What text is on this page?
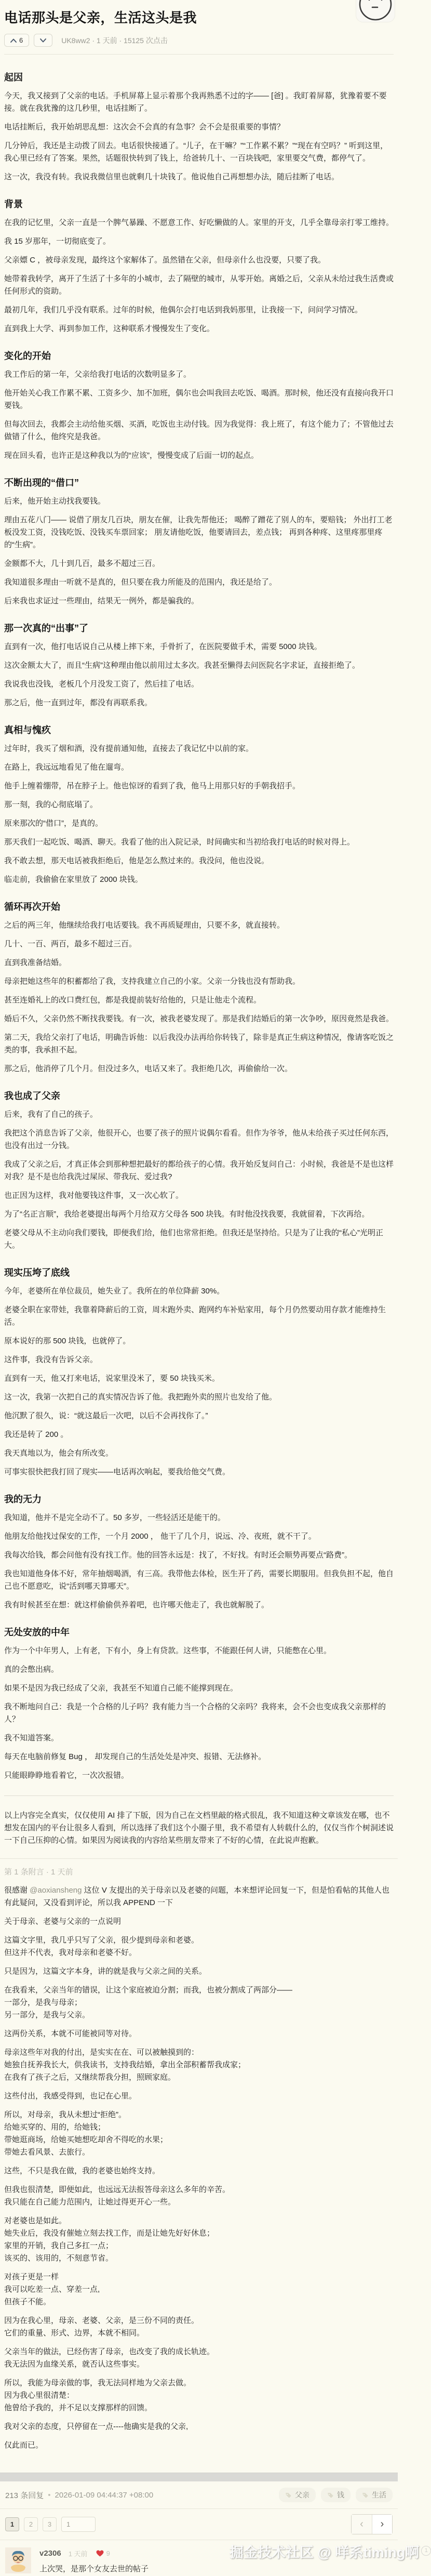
电话那头是父亲，生活这头是我
6	UK8ww2 · 1 天前 · 15125 次点击
起因

今天，我又接到了父亲的电话。手机屏幕上显示着那个我再熟悉不过的字—— [爸] 。我盯着屏幕，犹豫着要不要接。就在我犹豫的这几秒里，电话挂断了。

电话挂断后，我开始胡思乱想：这次会不会真的有急事？会不会是很重要的事情？

几分钟后，我还是主动拨了回去。电话很快接通了。“儿子，在干嘛？”“工作累不累？”“现在有空吗？” 听到这里，我心里已经有了答案。果然，话题很快转到了钱上，给爸转几十、一百块钱吧，家里要交气费，都停气了。

这一次，我没有转。我说我微信里也就剩几十块钱了。他说他自己再想想办法，随后挂断了电话。

背景

在我的记忆里，父亲一直是一个脾气暴躁、不愿意工作、好吃懒做的人。家里的开支，几乎全靠母亲打零工维持。

我 15 岁那年，一切彻底变了。

父亲嫖 C ，被母亲发现，最终这个家解体了。虽然错在父亲，但母亲什么也没要，只要了我。

她带着我转学，离开了生活了十多年的小城市，去了隔壁的城市，从零开始。离婚之后，父亲从未给过我生活费或任何形式的资助。

最初几年，我们几乎没有联系。过年的时候，他偶尔会打电话到我妈那里，让我接一下，问问学习情况。

直到我上大学、再到参加工作，这种联系才慢慢发生了变化。

变化的开始

我工作后的第一年，父亲给我打电话的次数明显多了。

他开始关心我工作累不累、工资多少、加不加班，偶尔也会叫我回去吃饭、喝酒。那时候，他还没有直接向我开口要钱。

但每次回去，我都会主动给他买烟、买酒，吃饭也主动付钱。因为我觉得：我上班了，有这个能力了；不管他过去做错了什么，他终究是我爸。

现在回头看，也许正是这种我以为的“应该”，慢慢变成了后面一切的起点。

不断出现的“借口”

后来，他开始主动找我要钱。

理由五花八门—— 说借了朋友几百块，朋友在催，让我先帮他还； 喝醉了蹭花了别人的车，要赔钱； 外出打工老板没发工资，没钱吃饭、没钱买车票回家； 朋友请他吃饭，他要请回去，差点钱； 再到各种疼、这里疼那里疼的“生病”。

金额都不大，几十到几百，最多不超过三百。

我知道很多理由一听就不是真的，但只要在我力所能及的范围内，我还是给了。

后来我也求证过一些理由，结果无一例外，都是骗我的。

那一次真的“出事”了

直到有一次，他打电话说自己从楼上摔下来，手骨折了，在医院要做手术，需要 5000 块钱。

这次金额太大了，而且“生病”这种理由他以前用过太多次。我甚至懒得去问医院名字求证，直接拒绝了。

我说我也没钱，老板几个月没发工资了，然后挂了电话。

那之后，他一直到过年，都没有再联系我。

真相与愧疚

过年时，我买了烟和酒，没有提前通知他，直接去了我记忆中以前的家。

在路上，我远远地看见了他在遛弯。

他手上缠着绷带，吊在脖子上。他也惊讶的看到了我，他马上用那只好的手朝我招手。

那一刻，我的心彻底塌了。

原来那次的“借口”，是真的。

那天我们一起吃饭、喝酒、聊天。我看了他的出入院记录，时间确实和当初给我打电话的时候对得上。

我不敢去想，那天电话被我拒绝后，他是怎么熬过来的。我没问，他也没说。

临走前，我偷偷在家里放了 2000 块钱。

循环再次开始

之后的两三年，他继续给我打电话要钱。我不再质疑理由，只要不多，就直接转。

几十、一百、两百，最多不超过三百。

直到我准备结婚。

母亲把她这些年的积蓄都给了我，支持我建立自己的小家。父亲一分钱也没有帮助我。

甚至连婚礼上的改口费红包，都是我提前装好给他的，只是让他走个流程。

婚后不久，父亲仍然不断找我要钱。有一次，被我老婆发现了。那是我们结婚后的第一次争吵，原因竟然是我爸。

第二天，我给父亲打了电话，明确告诉他：以后我没办法再给你转钱了，除非是真正生病这种情况，像请客吃饭之类的事，我承担不起。

那之后，他消停了几个月。但没过多久，电话又来了。我拒绝几次，再偷偷给一次。

我也成了父亲

后来，我有了自己的孩子。

我把这个消息告诉了父亲，他很开心，也要了孩子的照片说偶尔看看。但作为爷爷，他从未给孩子买过任何东西，也没有出过一分钱。

我成了父亲之后，才真正体会到那种想把最好的都给孩子的心情。我开始反复问自己：小时候，我爸是不是也这样对我？是不是也给我洗过屎尿、带我玩、爱过我?

也正因为这样，我对他要钱这件事，又一次心软了。

为了“名正言顺”，我给老婆提出每两个月给双方父母各 500 块钱。有时他没找我要，我就留着，下次再给。

老婆父母从不主动向我们要钱，即便我们给，他们也常常拒绝。但我还是坚持给。只是为了让我的“私心”光明正大。

现实压垮了底线

今年，老婆所在单位裁员，她失业了。我所在的单位降薪 30%。

老婆全职在家带娃，我靠着降薪后的工资，周末跑外卖、跑网约车补贴家用，每个月仍然要动用存款才能维持生活。

原本说好的那 500 块钱，也就停了。

这件事，我没有告诉父亲。

直到有一天，他又打来电话，说家里没米了，要 50 块钱买米。

这一次，我第一次把自己的真实情况告诉了他。我把跑外卖的照片也发给了他。

他沉默了很久，说：“就这最后一次吧，以后不会再找你了。”

我还是转了 200 。

我天真地以为，他会有所改变。

可事实很快把我打回了现实——电话再次响起，要我给他交气费。

我的无力

我知道，他并不是完全动不了。50 多岁，一些轻活还是能干的。

他朋友给他找过保安的工作，一个月 2000 ， 他干了几个月，说远、冷、夜班，就不干了。

我每次给钱，都会问他有没有找工作。他的回答永远是：找了，不好找。有时还会顺势再要点“路费”。

我也知道他身体不好，常年抽烟喝酒，有三高。我带他去体检，医生开了药，需要长期服用。但我负担不起，他自己也不愿意吃，说“活到哪天算哪天”。

我有时候甚至在想：就这样偷偷供养着吧，也许哪天他走了，我也就解脱了。

无处安放的中年

作为一个中年男人，上有老，下有小，身上有贷款。这些事，不能跟任何人讲，只能憋在心里。

真的会憋出病。

如果不是因为我已经成了父亲，我甚至不知道自己能不能撑到现在。

我不断地问自己：我是一个合格的儿子吗？我有能力当一个合格的父亲吗？我将来，会不会也变成我父亲那样的人？

我不知道答案。

每天在电脑前修复 Bug ， 却发现自己的生活处处是冲突、报错、无法修补。

只能眼睁睁地看着它，一次次报错。

以上内容完全真实，仅仅使用 AI 排了下版，因为自己在文档里敲的格式很乱，我不知道这种文章该发在哪，也不想发在国内的平台让很多人看到，所以选择了我们这个小圈子里，我不希望有人转载什么的，仅仅当作个树洞述说一下自己压抑的心情。如果因为阅读我的内容给某些朋友带来了不好的心情，在此说声抱歉。

第 1 条附言 · 1 天前

很感谢 @aoxiansheng 这位 V 友提出的关于母亲以及老婆的问题，本来想评论回复一下，但是怕看帖的其他人也有此疑问，又没看到评论，所以我 APPEND 一下

关于母亲、老婆与父亲的一点说明

这篇文字里，我几乎只写了父亲，很少提到母亲和老婆。
但这并不代表，我对母亲和老婆不好。

只是因为，这篇文字本身，讲的就是我与父亲之间的关系。

在我看来，父亲当年的错误，让这个家庭被迫分割；而我，也被分割成了两部分——
一部分，是我与母亲；
另一部分，是我与父亲。

这两份关系，本就不可能被同等对待。

母亲这些年对我的付出，是实实在在、可以被触摸到的：
她独自抚养我长大，供我读书，支持我结婚，拿出全部积蓄帮我成家；
在我有了孩子之后，又继续帮我分担，照顾家庭。

这些付出，我感受得到，也记在心里。

所以，对母亲，我从未想过“拒绝”。
给她买穿的、用的，给她钱；
带她逛商场，给她买她想吃却舍不得吃的水果；
带她去看风景、去旅行。

这些，不只是我在做，我的老婆也始终支持。

但我也很清楚，即便如此，也远远无法报答母亲这么多年的辛苦。
我只能在自己能力范围内，让她过得更开心一些。

对老婆也是如此。
她失业后，我没有催她立刻去找工作，而是让她先好好休息；
家里的开销，我自己多扛一点；
该买的、该用的，不刻意节省。

对孩子更是一样
我可以吃差一点、穿差一点,
但孩子不能。

因为在我心里，母亲、老婆、父亲，是三份不同的责任。
它们的重量、形式、边界，本就不相同。

父亲当年的做法，已经伤害了母亲，也改变了我的成长轨迹。
我无法因为血缘关系，就否认这些事实。

所以，我能为母亲做的事，我无法同样地为父亲去做。
因为我心里很清楚：
他曾给予我的，并不足以支撑那样的回馈。

我对父亲的态度，只停留在一点----他确实是我的父亲,

仅此而已。

213 条回复 • 2026-01-09 04:44:37 +08:00	父亲	钱	生活
1	2	3
1	‹	›
v2306 1 天前	9
上次哭，是那个女友去世的帖子
掘金技术社区 @ 咩系timing啊 1
